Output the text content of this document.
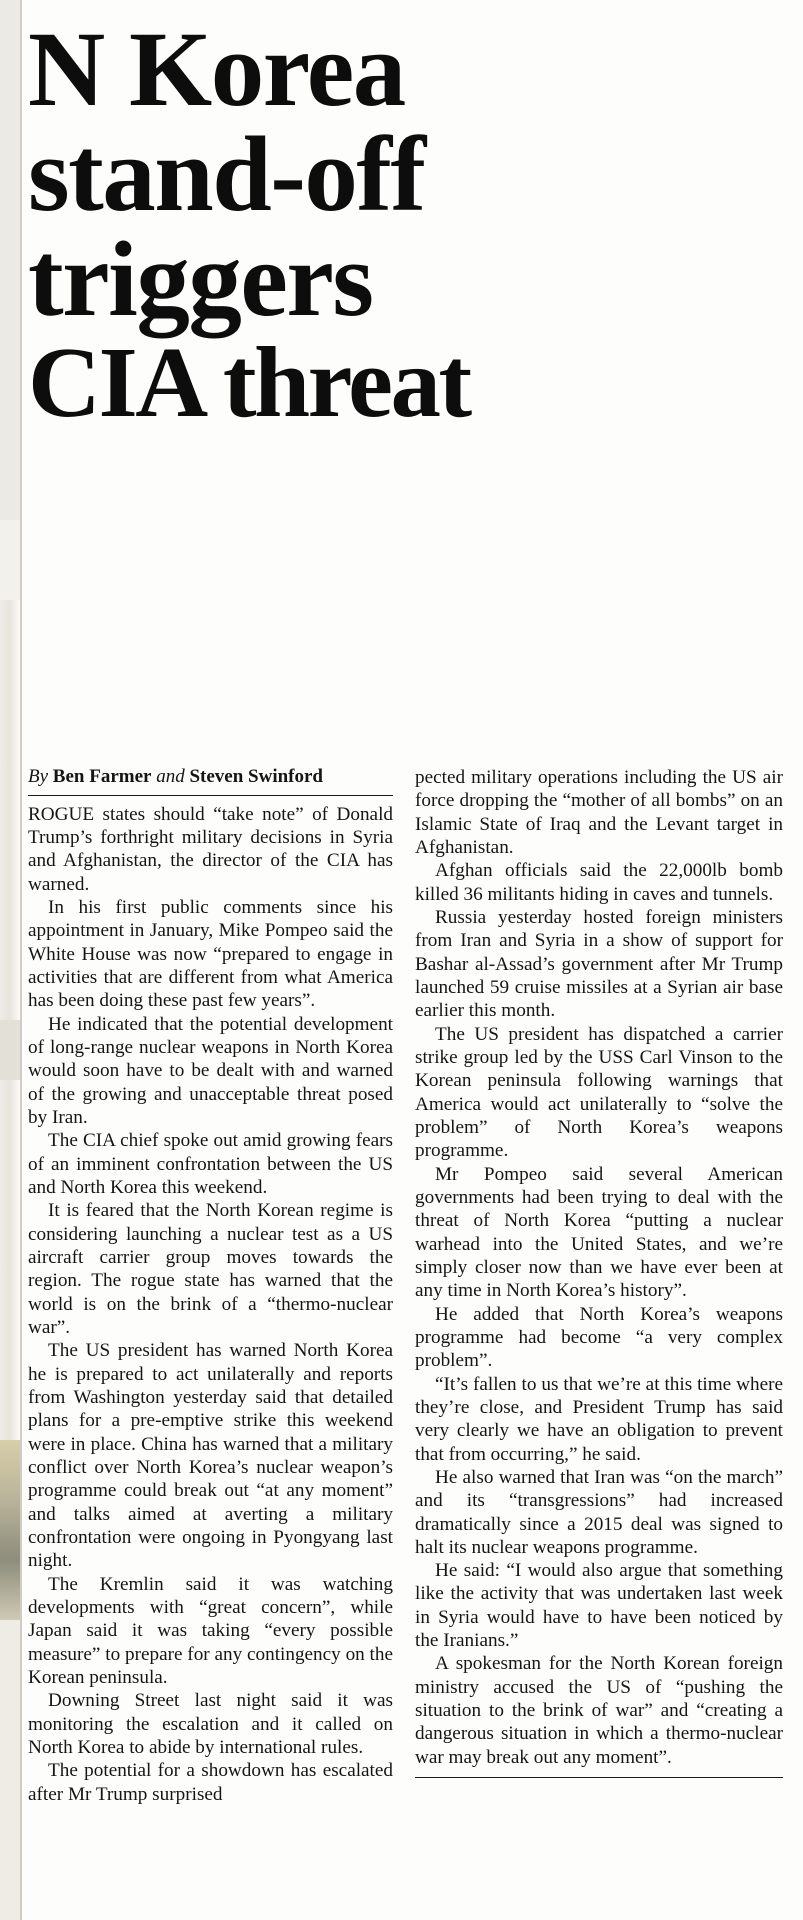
N Korea
stand-off
triggers
CIA threat

By Ben Farmer and Steven Swinford

ROGUE states should “take note” of Donald Trump’s forthright military decisions in Syria and Afghanistan, the director of the CIA has warned.

In his first public comments since his appointment in January, Mike Pompeo said the White House was now “prepared to engage in activities that are different from what America has been doing these past few years”.

He indicated that the potential development of long-range nuclear weapons in North Korea would soon have to be dealt with and warned of the growing and unacceptable threat posed by Iran.

The CIA chief spoke out amid growing fears of an imminent confrontation between the US and North Korea this weekend.

It is feared that the North Korean regime is considering launching a nuclear test as a US aircraft carrier group moves towards the region. The rogue state has warned that the world is on the brink of a “thermo-nuclear war”.

The US president has warned North Korea he is prepared to act unilaterally and reports from Washington yesterday said that detailed plans for a pre-emptive strike this weekend were in place. China has warned that a military conflict over North Korea’s nuclear weapon’s programme could break out “at any moment” and talks aimed at averting a military confrontation were ongoing in Pyongyang last night.

The Kremlin said it was watching developments with “great concern”, while Japan said it was taking “every possible measure” to prepare for any contingency on the Korean peninsula.

Downing Street last night said it was monitoring the escalation and it called on North Korea to abide by international rules.

The potential for a showdown has escalated after Mr Trump surprised

pected military operations including the US air force dropping the “mother of all bombs” on an Islamic State of Iraq and the Levant target in Afghanistan.

Afghan officials said the 22,000lb bomb killed 36 militants hiding in caves and tunnels.

Russia yesterday hosted foreign ministers from Iran and Syria in a show of support for Bashar al-Assad’s government after Mr Trump launched 59 cruise missiles at a Syrian air base earlier this month.

The US president has dispatched a carrier strike group led by the USS Carl Vinson to the Korean peninsula following warnings that America would act unilaterally to “solve the problem” of North Korea’s weapons programme.

Mr Pompeo said several American governments had been trying to deal with the threat of North Korea “putting a nuclear warhead into the United States, and we’re simply closer now than we have ever been at any time in North Korea’s history”.

He added that North Korea’s weapons programme had become “a very complex problem”.

“It’s fallen to us that we’re at this time where they’re close, and President Trump has said very clearly we have an obligation to prevent that from occurring,” he said.

He also warned that Iran was “on the march” and its “transgressions” had increased dramatically since a 2015 deal was signed to halt its nuclear weapons programme.

He said: “I would also argue that something like the activity that was undertaken last week in Syria would have to have been noticed by the Iranians.”

A spokesman for the North Korean foreign ministry accused the US of “pushing the situation to the brink of war” and “creating a dangerous situation in which a thermo-nuclear war may break out any moment”.
